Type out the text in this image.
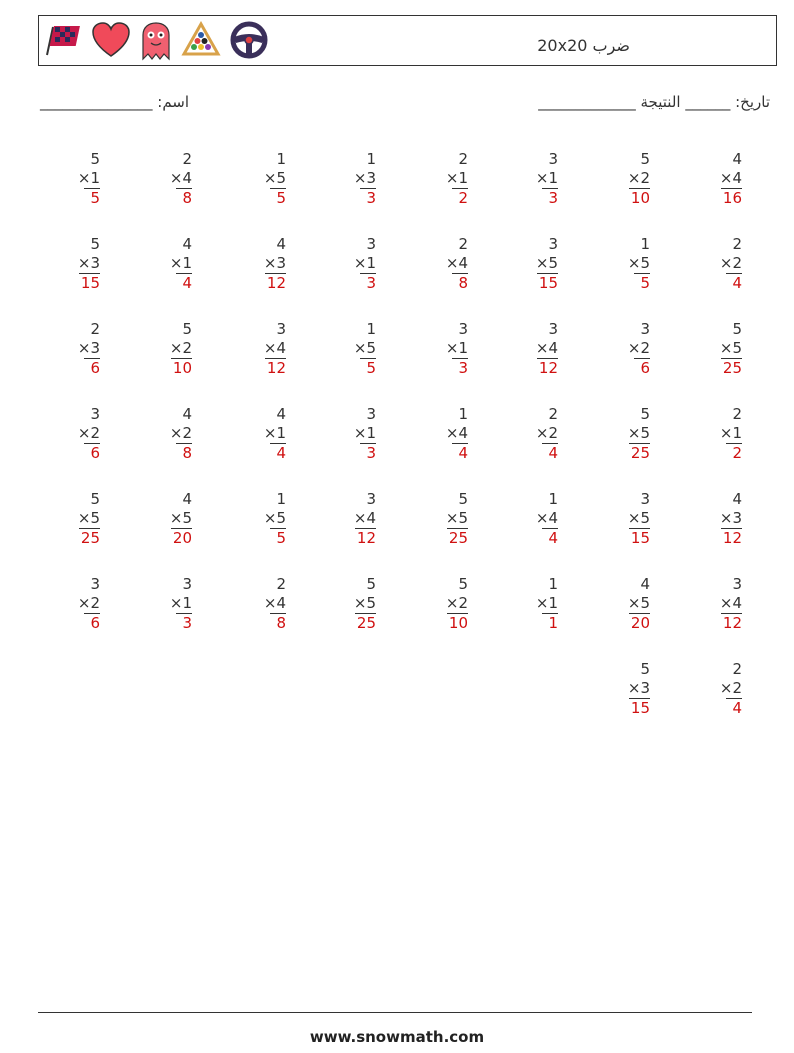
ضرب 20x20
اسم: _______________	تاريخ: ______ النتيجة _____________
4
×4
16
5
×2
10
3
×1
3
2
×1
2
1
×3
3
1
×5
5
2
×4
8
5
×1
5
2
×2
4
1
×5
5
3
×5
15
2
×4
8
3
×1
3
4
×3
12
4
×1
4
5
×3
15
5
×5
25
3
×2
6
3
×4
12
3
×1
3
1
×5
5
3
×4
12
5
×2
10
2
×3
6
2
×1
2
5
×5
25
2
×2
4
1
×4
4
3
×1
3
4
×1
4
4
×2
8
3
×2
6
4
×3
12
3
×5
15
1
×4
4
5
×5
25
3
×4
12
1
×5
5
4
×5
20
5
×5
25
3
×4
12
4
×5
20
1
×1
1
5
×2
10
5
×5
25
2
×4
8
3
×1
3
3
×2
6
2
×2
4
5
×3
15
www.snowmath.com
